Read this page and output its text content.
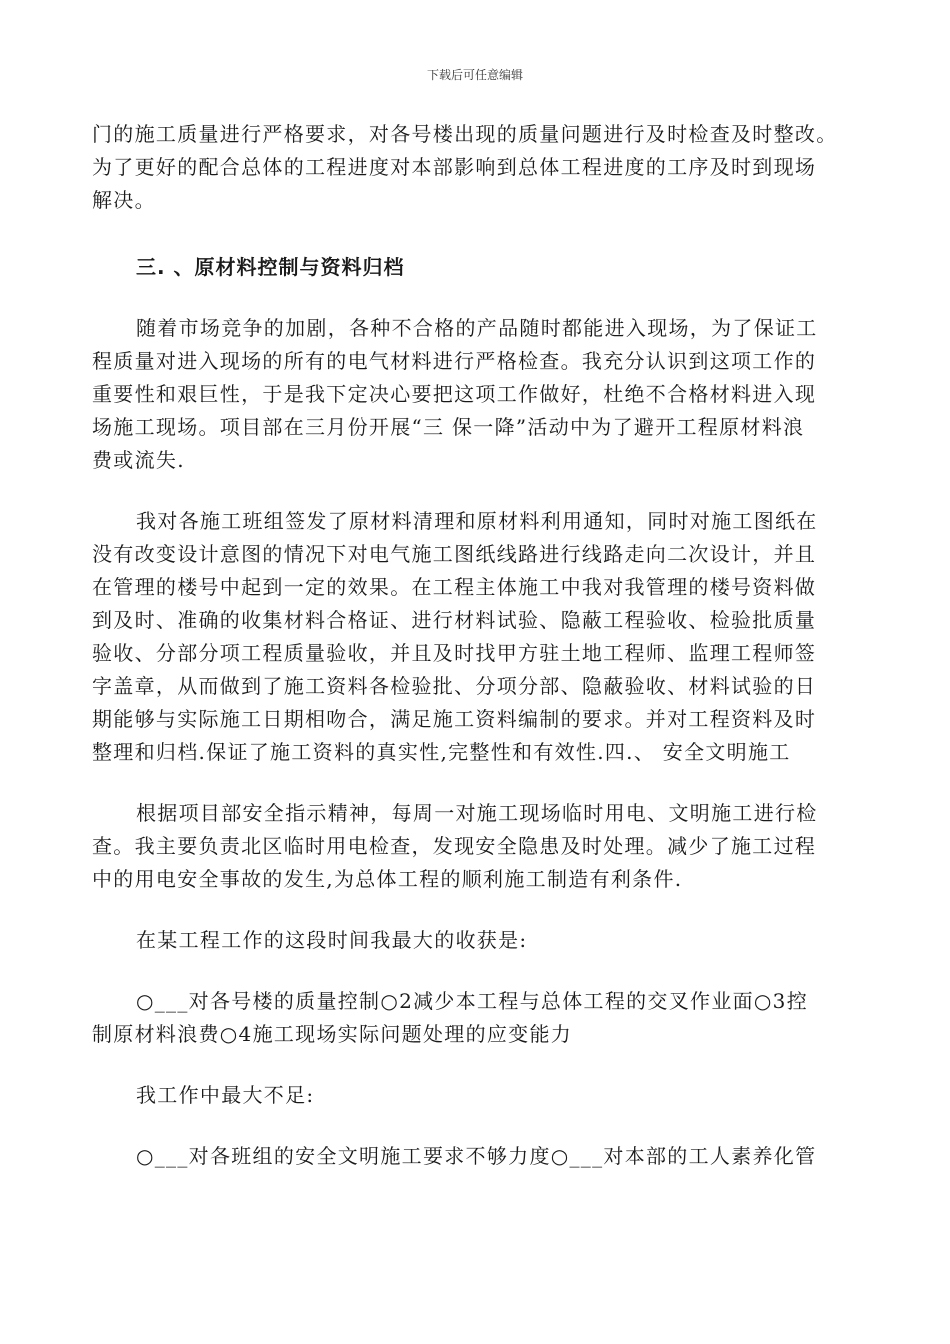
下载后可任意编辑

门的施工质量进行严格要求，对各号楼出现的质量问题进行及时检查及时整改。
为了更好的配合总体的工程进度对本部影响到总体工程进度的工序及时到现场
解决。

三. 、原材料控制与资料归档

随着市场竞争的加剧，各种不合格的产品随时都能进入现场，为了保证工
程质量对进入现场的所有的电气材料进行严格检查。我充分认识到这项工作的
重要性和艰巨性，于是我下定决心要把这项工作做好，杜绝不合格材料进入现
场施工现场。项目部在三月份开展“三 保一降”活动中为了避开工程原材料浪
费或流失.

我对各施工班组签发了原材料清理和原材料利用通知，同时对施工图纸在
没有改变设计意图的情况下对电气施工图纸线路进行线路走向二次设计，并且
在管理的楼号中起到一定的效果。在工程主体施工中我对我管理的楼号资料做
到及时、准确的收集材料合格证、进行材料试验、隐蔽工程验收、检验批质量
验收、分部分项工程质量验收，并且及时找甲方驻土地工程师、监理工程师签
字盖章，从而做到了施工资料各检验批、分项分部、隐蔽验收、材料试验的日
期能够与实际施工日期相吻合，满足施工资料编制的要求。并对工程资料及时
整理和归档.保证了施工资料的真实性,完整性和有效性.四.、 安全文明施工

根据项目部安全指示精神，每周一对施工现场临时用电、文明施工进行检
查。我主要负责北区临时用电检查，发现安全隐患及时处理。减少了施工过程
中的用电安全事故的发生,为总体工程的顺利施工制造有利条件.

在某工程工作的这段时间我最大的收获是:

○___对各号楼的质量控制○2减少本工程与总体工程的交叉作业面○3控
制原材料浪费○4施工现场实际问题处理的应变能力

我工作中最大不足:

○___对各班组的安全文明施工要求不够力度○___对本部的工人素养化管
